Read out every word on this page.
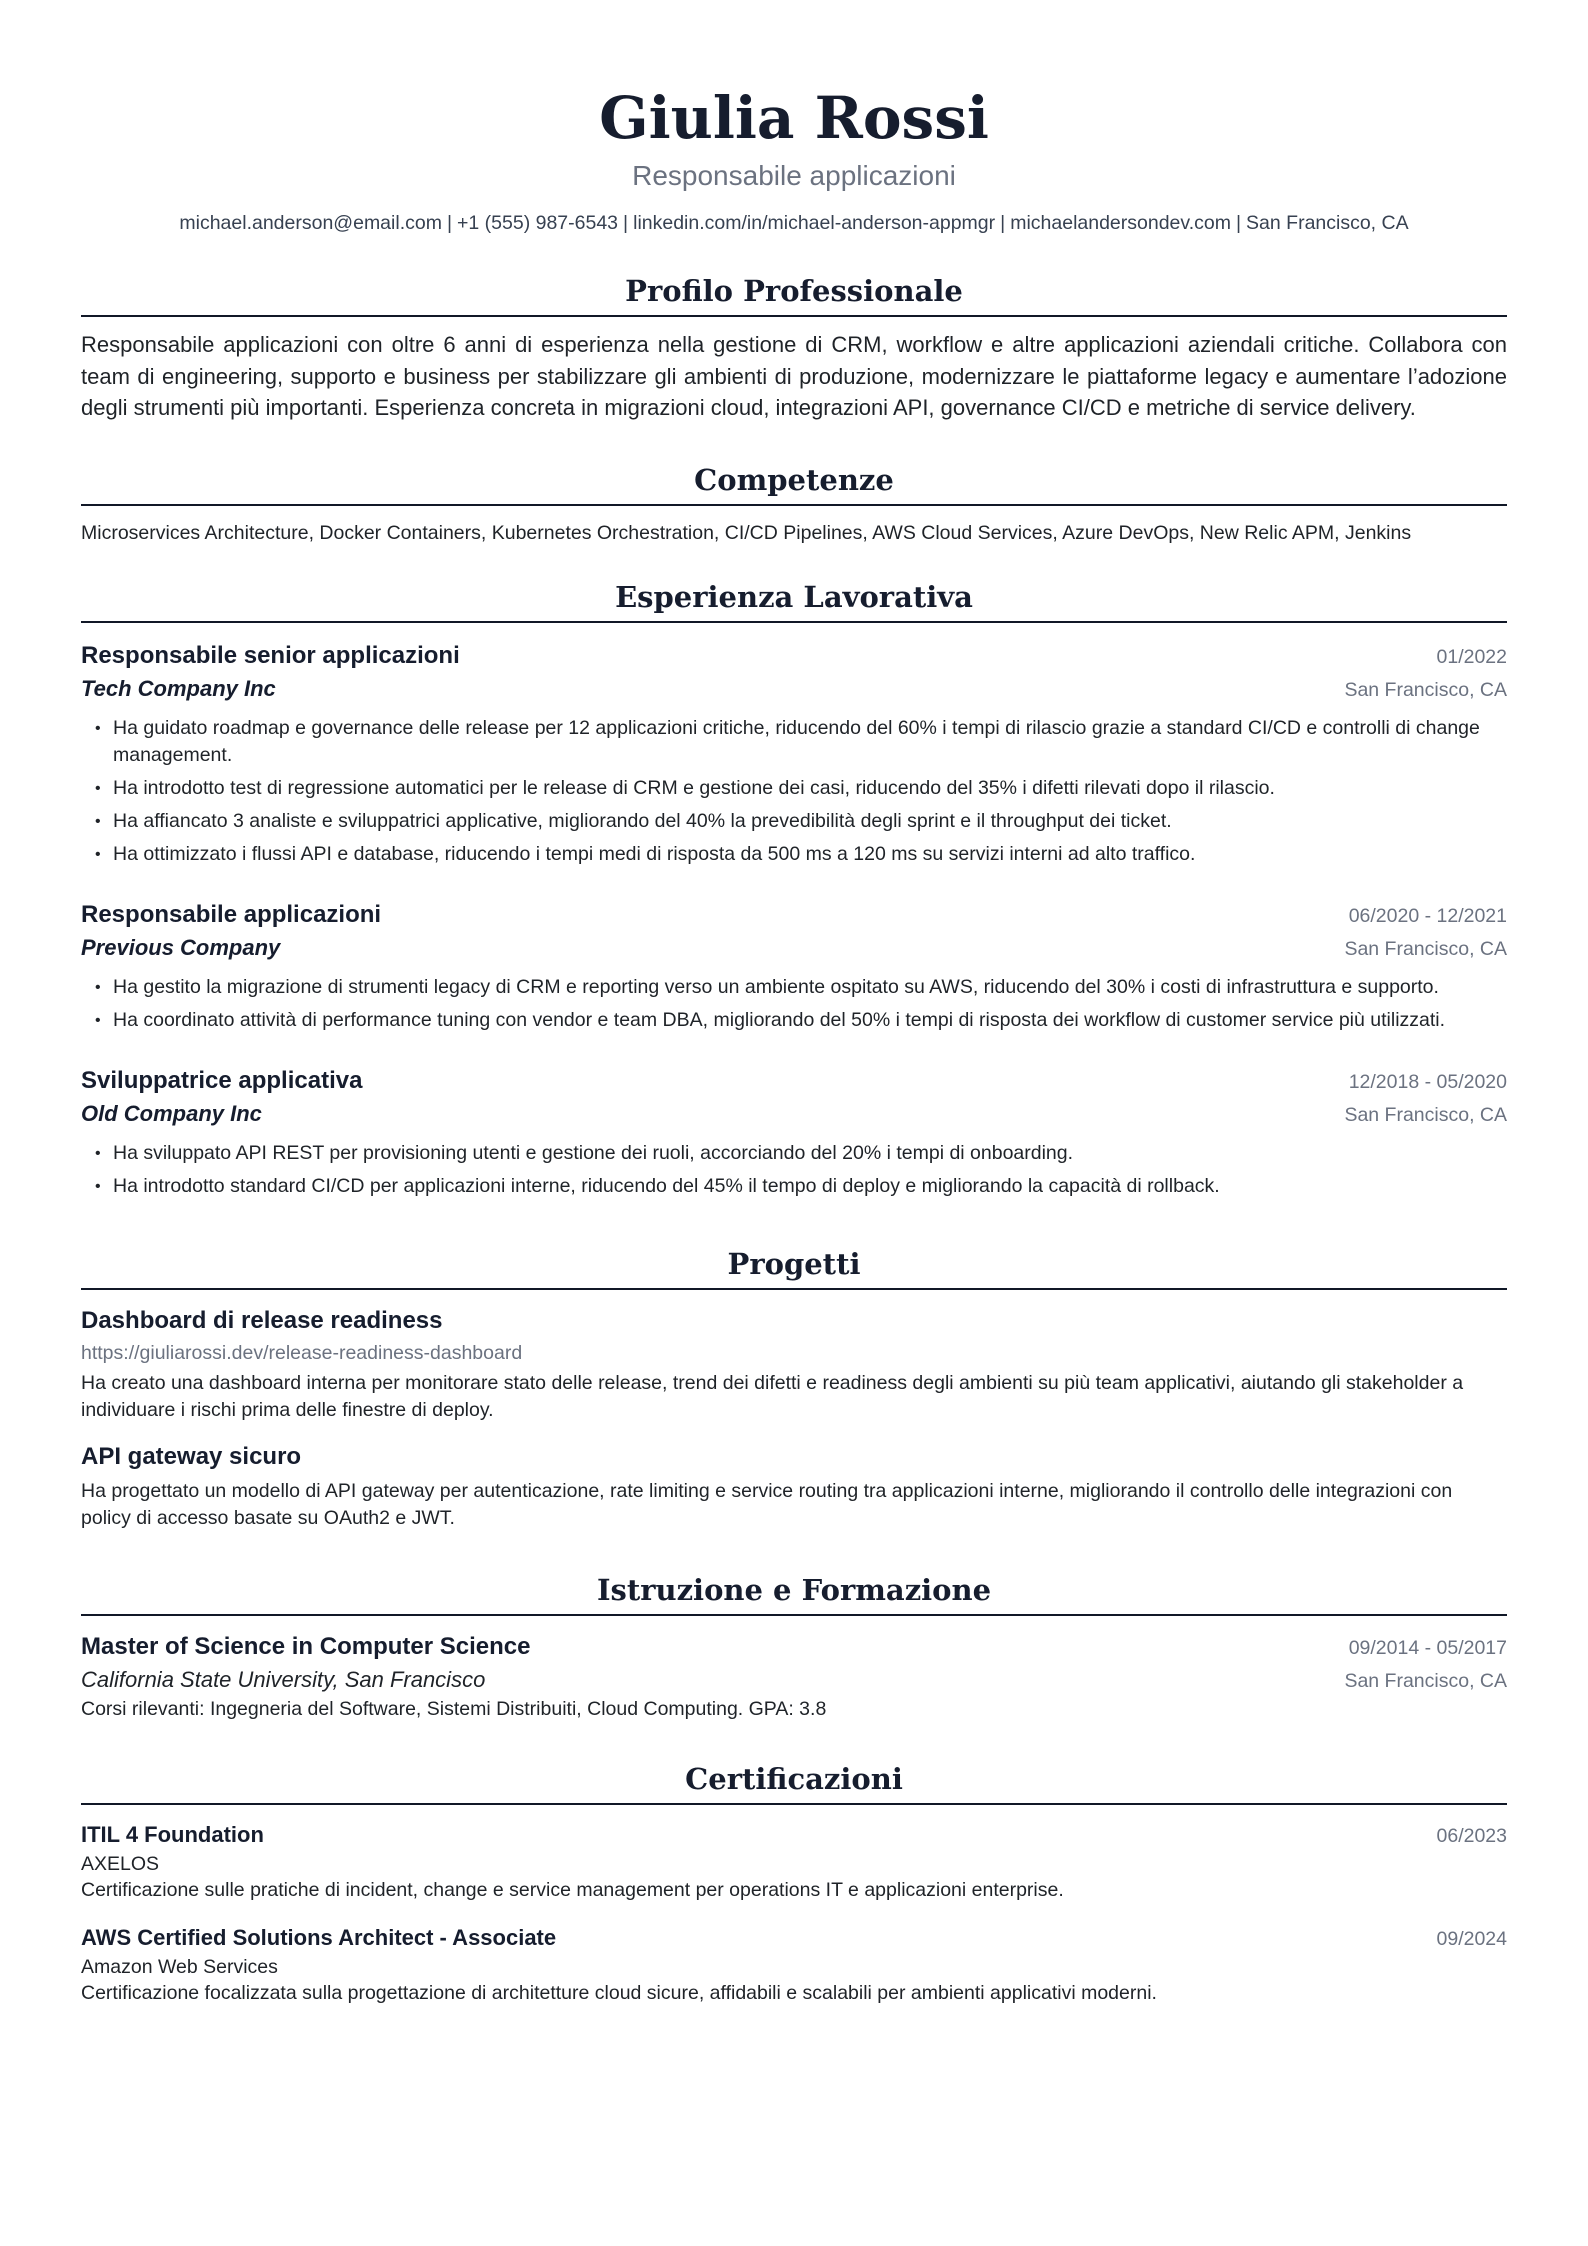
Giulia Rossi
Responsabile applicazioni
michael.anderson@email.com | +1 (555) 987-6543 | linkedin.com/in/michael-anderson-appmgr | michaelandersondev.com | San Francisco, CA
Profilo Professionale
Responsabile applicazioni con oltre 6 anni di esperienza nella gestione di CRM, workflow e altre applicazioni aziendali critiche. Collabora con team di engineering, supporto e business per stabilizzare gli ambienti di produzione, modernizzare le piattaforme legacy e aumentare l’adozione degli strumenti più importanti. Esperienza concreta in migrazioni cloud, integrazioni API, governance CI/CD e metriche di service delivery.
Competenze
Microservices Architecture, Docker Containers, Kubernetes Orchestration, CI/CD Pipelines, AWS Cloud Services, Azure DevOps, New Relic APM, Jenkins
Esperienza Lavorativa
Responsabile senior applicazioni	01/2022
Tech Company Inc	San Francisco, CA
• Ha guidato roadmap e governance delle release per 12 applicazioni critiche, riducendo del 60% i tempi di rilascio grazie a standard CI/CD e controlli di change management.
• Ha introdotto test di regressione automatici per le release di CRM e gestione dei casi, riducendo del 35% i difetti rilevati dopo il rilascio.
• Ha affiancato 3 analiste e sviluppatrici applicative, migliorando del 40% la prevedibilità degli sprint e il throughput dei ticket.
• Ha ottimizzato i flussi API e database, riducendo i tempi medi di risposta da 500 ms a 120 ms su servizi interni ad alto traffico.
Responsabile applicazioni	06/2020 - 12/2021
Previous Company	San Francisco, CA
• Ha gestito la migrazione di strumenti legacy di CRM e reporting verso un ambiente ospitato su AWS, riducendo del 30% i costi di infrastruttura e supporto.
• Ha coordinato attività di performance tuning con vendor e team DBA, migliorando del 50% i tempi di risposta dei workflow di customer service più utilizzati.
Sviluppatrice applicativa	12/2018 - 05/2020
Old Company Inc	San Francisco, CA
• Ha sviluppato API REST per provisioning utenti e gestione dei ruoli, accorciando del 20% i tempi di onboarding.
• Ha introdotto standard CI/CD per applicazioni interne, riducendo del 45% il tempo di deploy e migliorando la capacità di rollback.
Progetti
Dashboard di release readiness
https://giuliarossi.dev/release-readiness-dashboard
Ha creato una dashboard interna per monitorare stato delle release, trend dei difetti e readiness degli ambienti su più team applicativi, aiutando gli stakeholder a individuare i rischi prima delle finestre di deploy.
API gateway sicuro
Ha progettato un modello di API gateway per autenticazione, rate limiting e service routing tra applicazioni interne, migliorando il controllo delle integrazioni con policy di accesso basate su OAuth2 e JWT.
Istruzione e Formazione
Master of Science in Computer Science	09/2014 - 05/2017
California State University, San Francisco	San Francisco, CA
Corsi rilevanti: Ingegneria del Software, Sistemi Distribuiti, Cloud Computing. GPA: 3.8
Certificazioni
ITIL 4 Foundation	06/2023
AXELOS
Certificazione sulle pratiche di incident, change e service management per operations IT e applicazioni enterprise.
AWS Certified Solutions Architect - Associate	09/2024
Amazon Web Services
Certificazione focalizzata sulla progettazione di architetture cloud sicure, affidabili e scalabili per ambienti applicativi moderni.
